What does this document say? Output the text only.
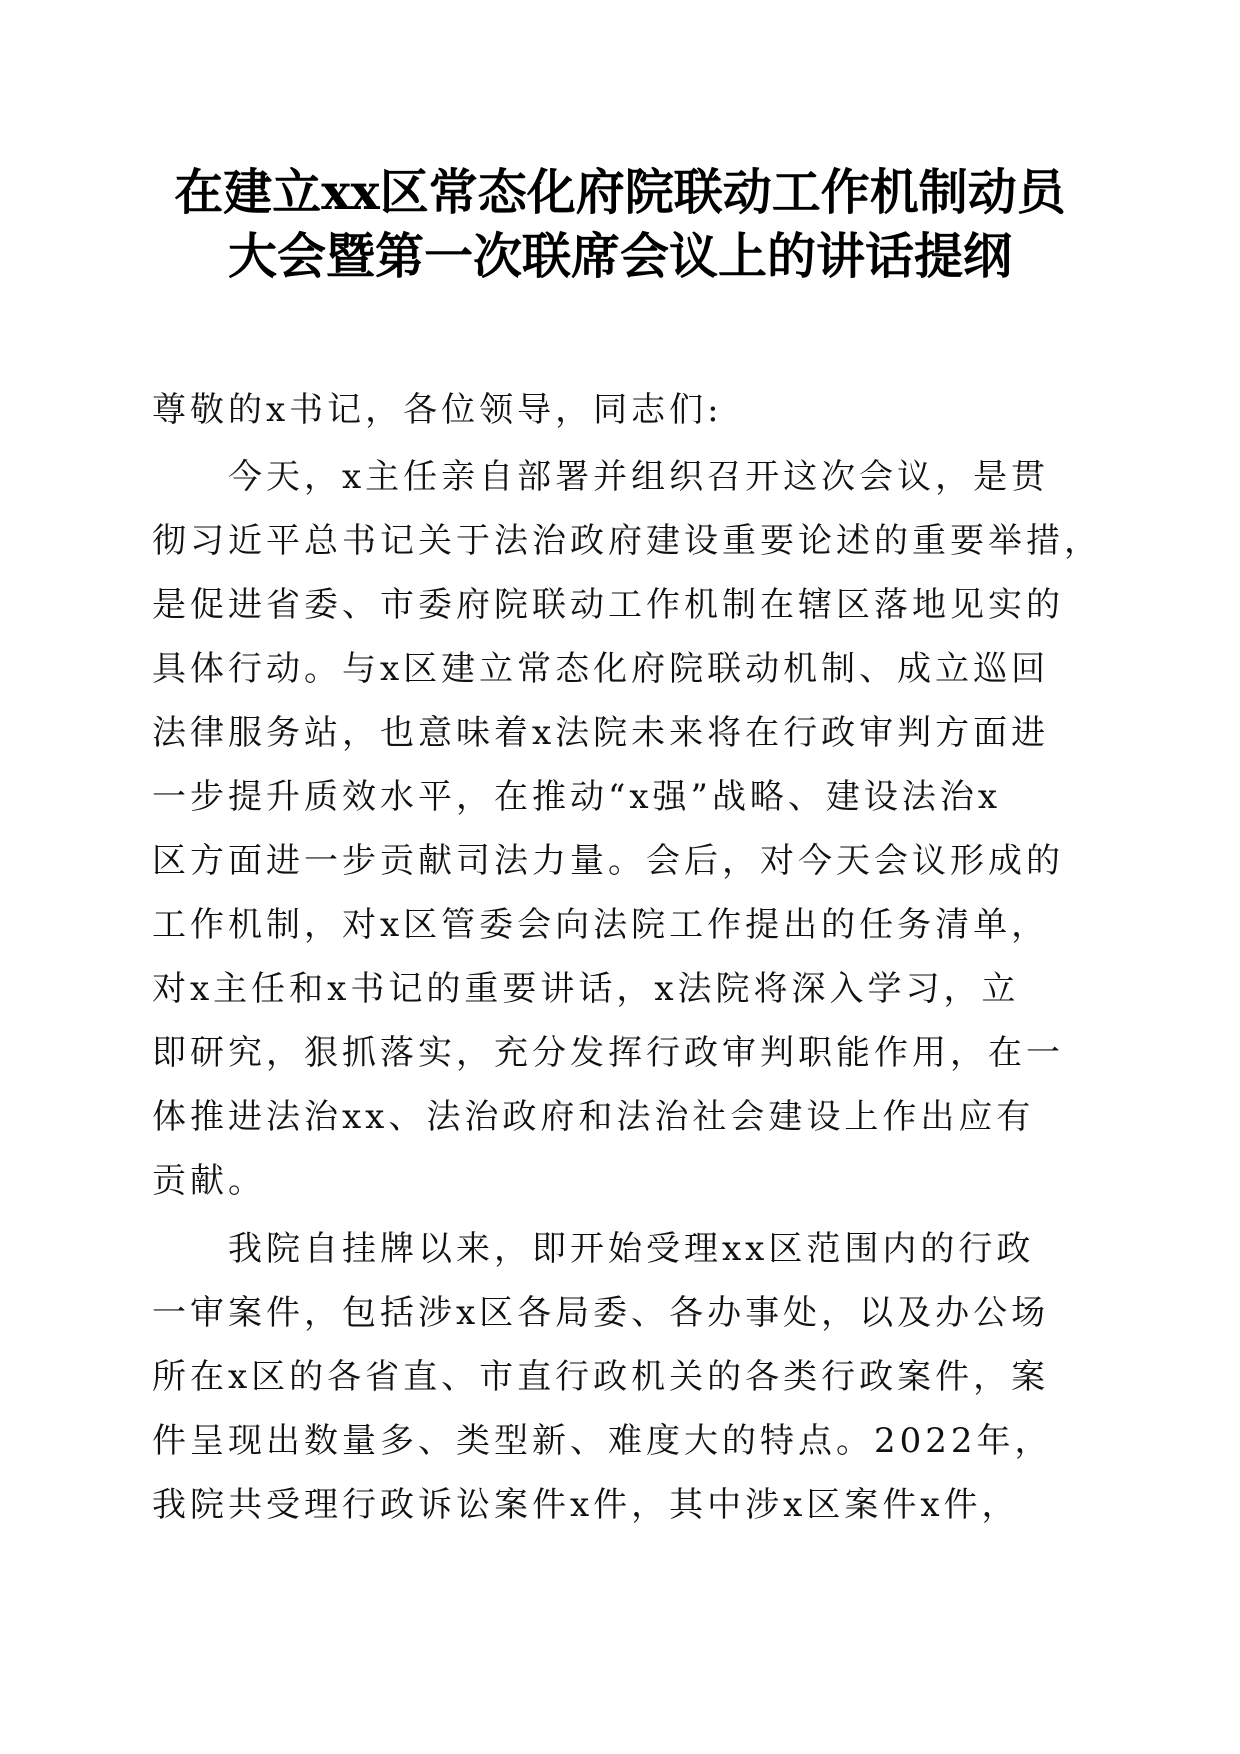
在建立xx区常态化府院联动工作机制动员
大会暨第一次联席会议上的讲话提纲

尊敬的x书记，各位领导，同志们:

今天，x主任亲自部署并组织召开这次会议，是贯
彻习近平总书记关于法治政府建设重要论述的重要举措，
是促进省委、市委府院联动工作机制在辖区落地见实的
具体行动。与x区建立常态化府院联动机制、成立巡回
法律服务站，也意味着x法院未来将在行政审判方面进
一步提升质效水平，在推动“x强”战略、建设法治x
区方面进一步贡献司法力量。会后，对今天会议形成的
工作机制，对x区管委会向法院工作提出的任务清单，
对x主任和x书记的重要讲话，x法院将深入学习，立
即研究，狠抓落实，充分发挥行政审判职能作用，在一
体推进法治xx、法治政府和法治社会建设上作出应有
贡献。

我院自挂牌以来，即开始受理xx区范围内的行政
一审案件，包括涉x区各局委、各办事处，以及办公场
所在x区的各省直、市直行政机关的各类行政案件，案
件呈现出数量多、类型新、难度大的特点。2022年，
我院共受理行政诉讼案件x件，其中涉x区案件x件，
